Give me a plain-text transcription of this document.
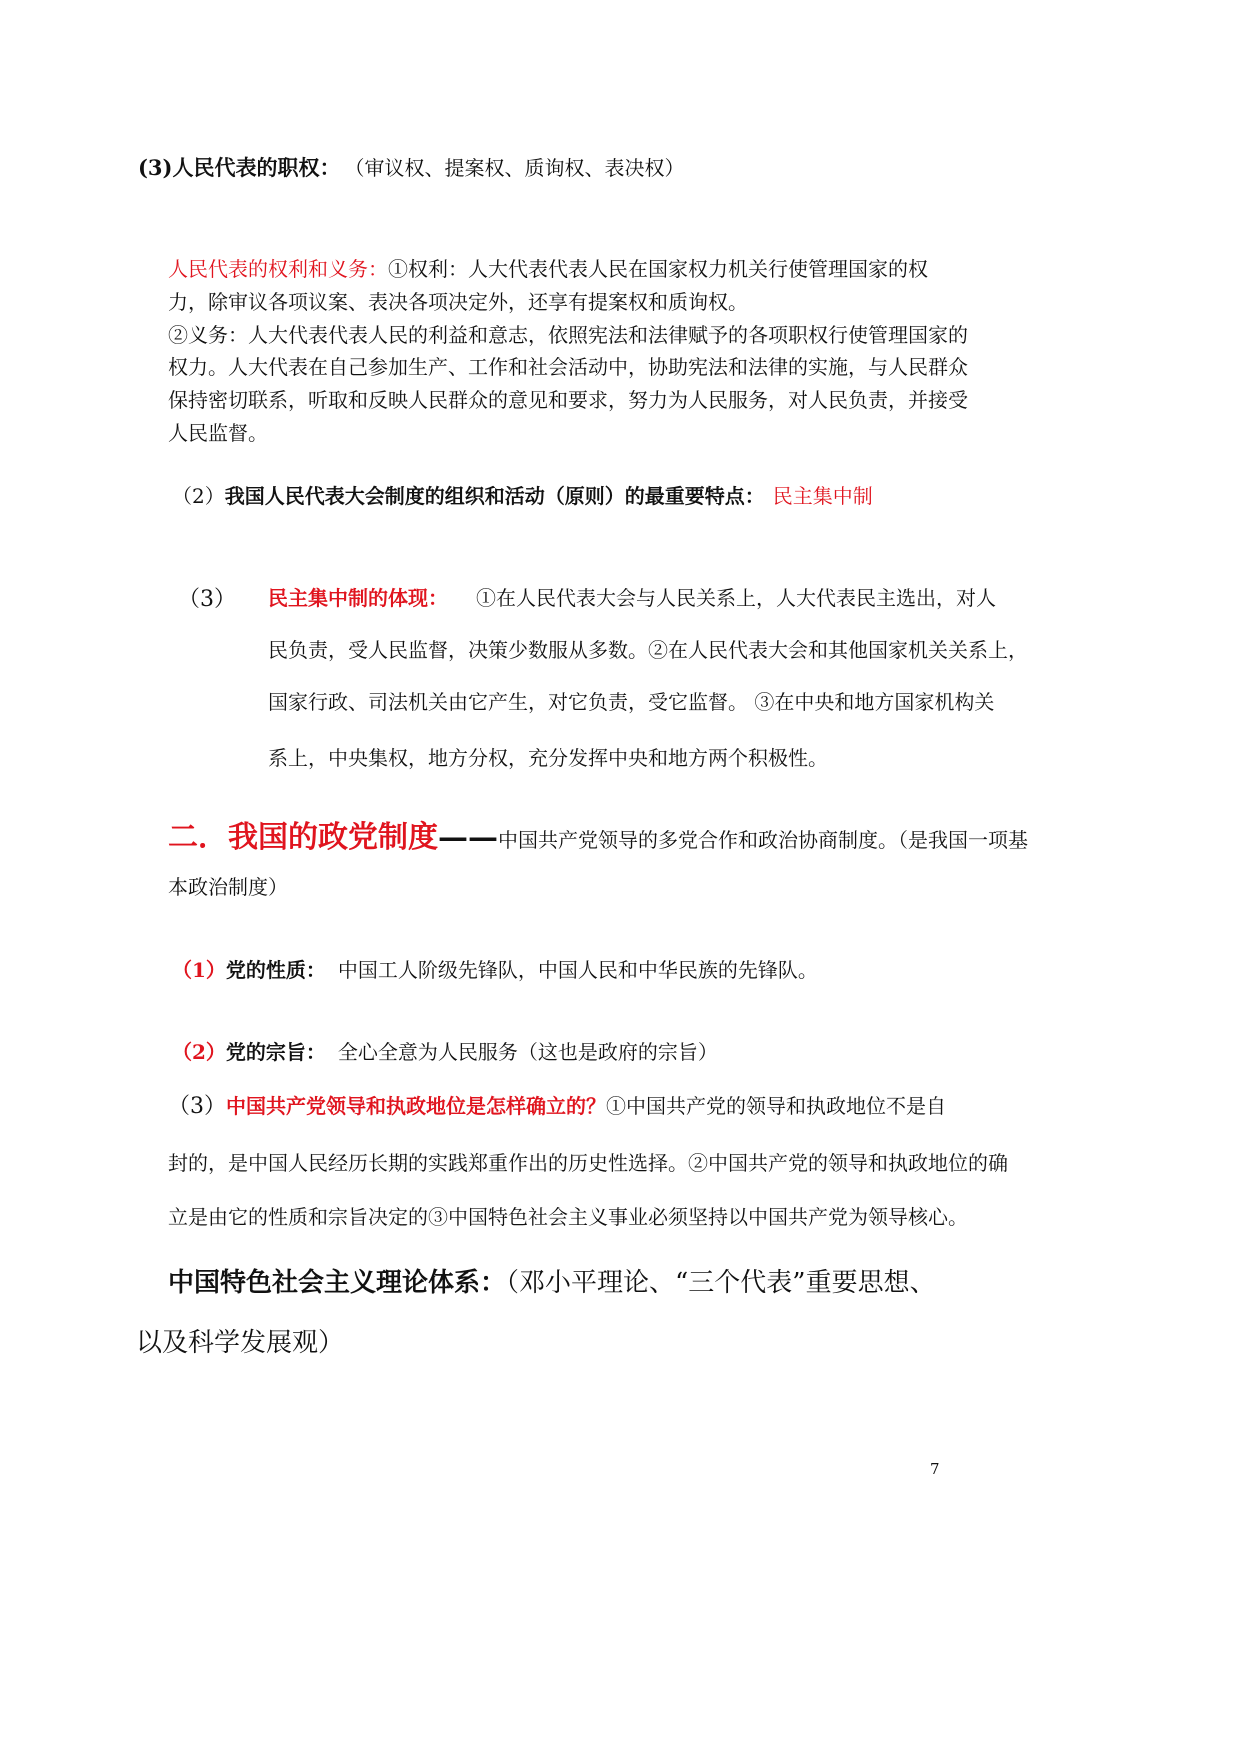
(3)人民代表的职权： （审议权、提案权、质询权、表决权）
人民代表的权利和义务：①权利：人大代表代表人民在国家权力机关行使管理国家的权
力，除审议各项议案、表决各项决定外，还享有提案权和质询权。
②义务：人大代表代表人民的利益和意志，依照宪法和法律赋予的各项职权行使管理国家的
权力。人大代表在自己参加生产、工作和社会活动中，协助宪法和法律的实施，与人民群众
保持密切联系，听取和反映人民群众的意见和要求，努力为人民服务，对人民负责，并接受
人民监督。
（2）我国人民代表大会制度的组织和活动（原则）的最重要特点： 民主集中制
（3） 民主集中制的体现： ①在人民代表大会与人民关系上，人大代表民主选出，对人
民负责，受人民监督，决策少数服从多数。②在人民代表大会和其他国家机关关系上，
国家行政、司法机关由它产生，对它负责，受它监督。 ③在中央和地方国家机构关
系上，中央集权，地方分权，充分发挥中央和地方两个积极性。
二．我国的政党制度——中国共产党领导的多党合作和政治协商制度。（是我国一项基
本政治制度）
（1）党的性质： 中国工人阶级先锋队，中国人民和中华民族的先锋队。
（2）党的宗旨： 全心全意为人民服务（这也是政府的宗旨）
（3）中国共产党领导和执政地位是怎样确立的？①中国共产党的领导和执政地位不是自
封的，是中国人民经历长期的实践郑重作出的历史性选择。②中国共产党的领导和执政地位的确
立是由它的性质和宗旨决定的③中国特色社会主义事业必须坚持以中国共产党为领导核心。
中国特色社会主义理论体系：（邓小平理论、“三个代表”重要思想、
以及科学发展观）
7
